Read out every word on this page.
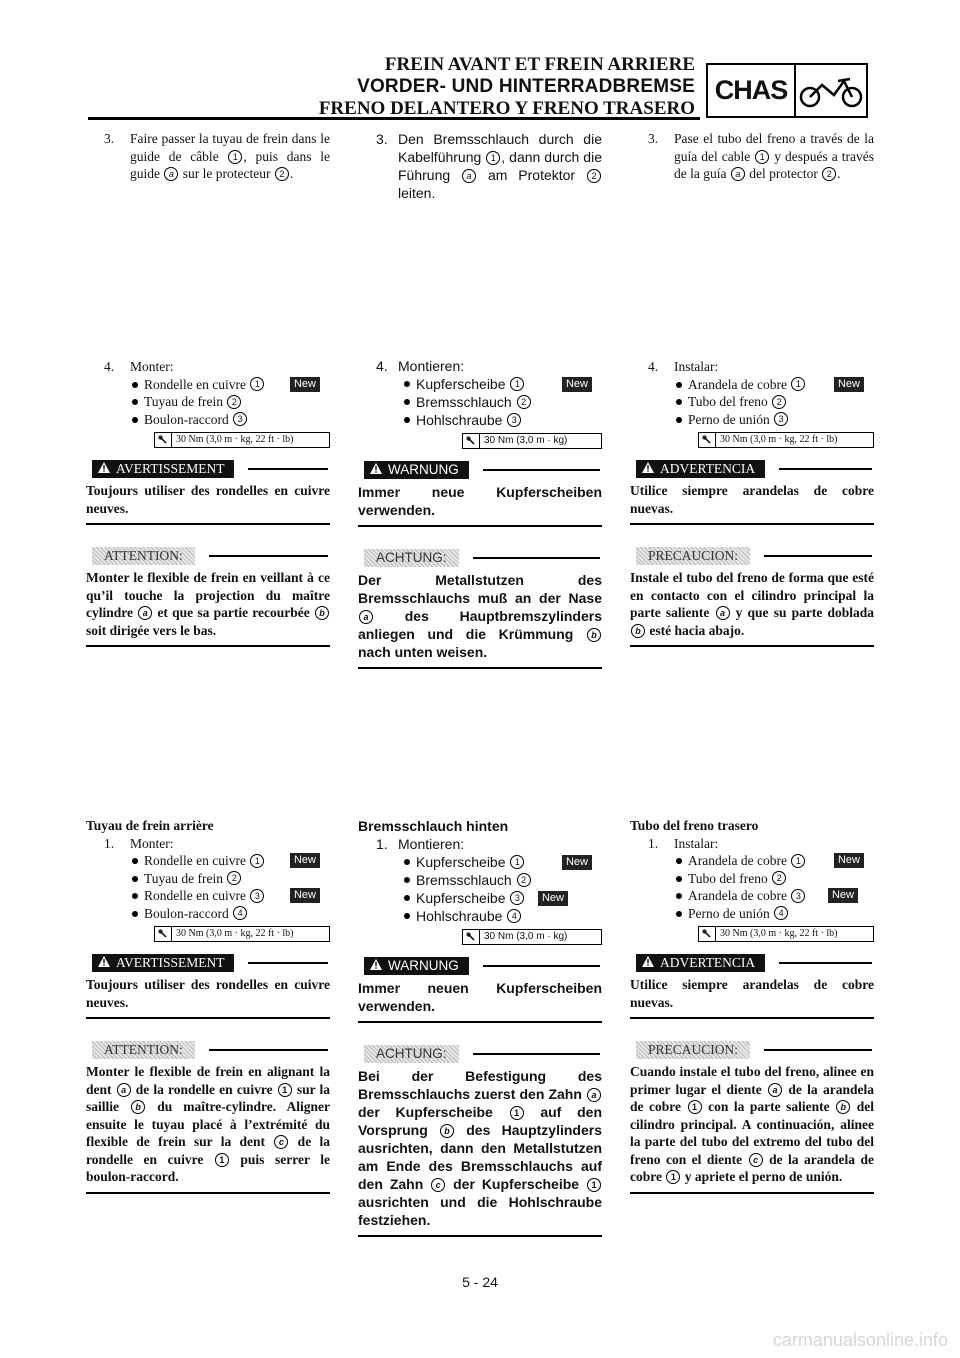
FREIN AVANT ET FREIN ARRIERE
VORDER- UND HINTERRADBREMSE
FRENO DELANTERO Y FRENO TRASERO
CHAS
3.	Faire passer la tuyau de frein dans le guide de câble 1 , puis dans le guide a sur le protecteur 2 .
4.	Monter:
Rondelle en cuivre
1	New
Tuyau de frein
2
Boulon-raccord
3
30 Nm (3,0 m · kg, 22 ft · lb)
AVERTISSEMENT
Toujours utiliser des rondelles en cuivre neuves.
ATTENTION:
Monter le flexible de frein en veillant à ce qu’il touche la projection du maître cylindre a et que sa partie recourbée b soit dirigée vers le bas.
Tuyau de frein arrière
1.	Monter:
Rondelle en cuivre
1	New
Tuyau de frein
2
Rondelle en cuivre
3	New
Boulon-raccord
4
30 Nm (3,0 m · kg, 22 ft · lb)
AVERTISSEMENT
Toujours utiliser des rondelles en cuivre neuves.
ATTENTION:
Monter le flexible de frein en alignant la dent a de la rondelle en cuivre 1 sur la saillie b du maître-cylindre. Aligner ensuite le tuyau placé à l’extrémité du flexible de frein sur la dent c de la rondelle en cuivre 1 puis serrer le boulon-raccord.
3. Den Bremsschlauch durch die Kabelführung 1 , dann durch die Führung a am Protektor 2 leiten.
4. Montieren:
Kupferscheibe
	1	New
Bremsschlauch
	2
Hohlschraube
	3
30 Nm (3,0 m · kg)
WARNUNG
Immer neue Kupferscheiben verwenden.
ACHTUNG:
Der Metallstutzen des Bremsschlauchs muß an der Nase a des Hauptbremszylinders anliegen und die Krümmung b nach unten weisen.
Bremsschlauch hinten
1. Montieren:
Kupferscheibe
	1	New
Bremsschlauch
	2
Kupferscheibe
	3	New
Hohlschraube
	4
30 Nm (3,0 m · kg)
WARNUNG
Immer neuen Kupferscheiben verwenden.
ACHTUNG:
Bei der Befestigung des Bremsschlauchs zuerst den Zahn a der Kupferscheibe 1 auf den Vorsprung b des Hauptzylinders ausrichten, dann den Metallstutzen am Ende des Bremsschlauchs auf den Zahn c der Kupferscheibe 1 ausrichten und die Hohlschraube festziehen.
3.	Pase el tubo del freno a través de la guía del cable 1 y después a través de la guía a del protector 2 .
4.	Instalar:
Arandela de cobre
1	New
Tubo del freno
2
Perno de unión
3
30 Nm (3,0 m · kg, 22 ft · lb)
ADVERTENCIA
Utilice siempre arandelas de cobre nuevas.
PRECAUCION:
Instale el tubo del freno de forma que esté en contacto con el cilindro principal la parte saliente a y que su parte doblada b esté hacia abajo.
Tubo del freno trasero
1.	Instalar:
Arandela de cobre
1	New
Tubo del freno
2
Arandela de cobre
3	New
Perno de unión
4
30 Nm (3,0 m · kg, 22 ft · lb)
ADVERTENCIA
Utilice siempre arandelas de cobre nuevas.
PRECAUCION:
Cuando instale el tubo del freno, alinee en primer lugar el diente a de la arandela de cobre 1 con la parte saliente b del cilindro principal. A continuación, alinee la parte del tubo del extremo del tubo del freno con el diente c de la arandela de cobre 1 y apriete el perno de unión.
5 - 24
carmanualsonline.info
